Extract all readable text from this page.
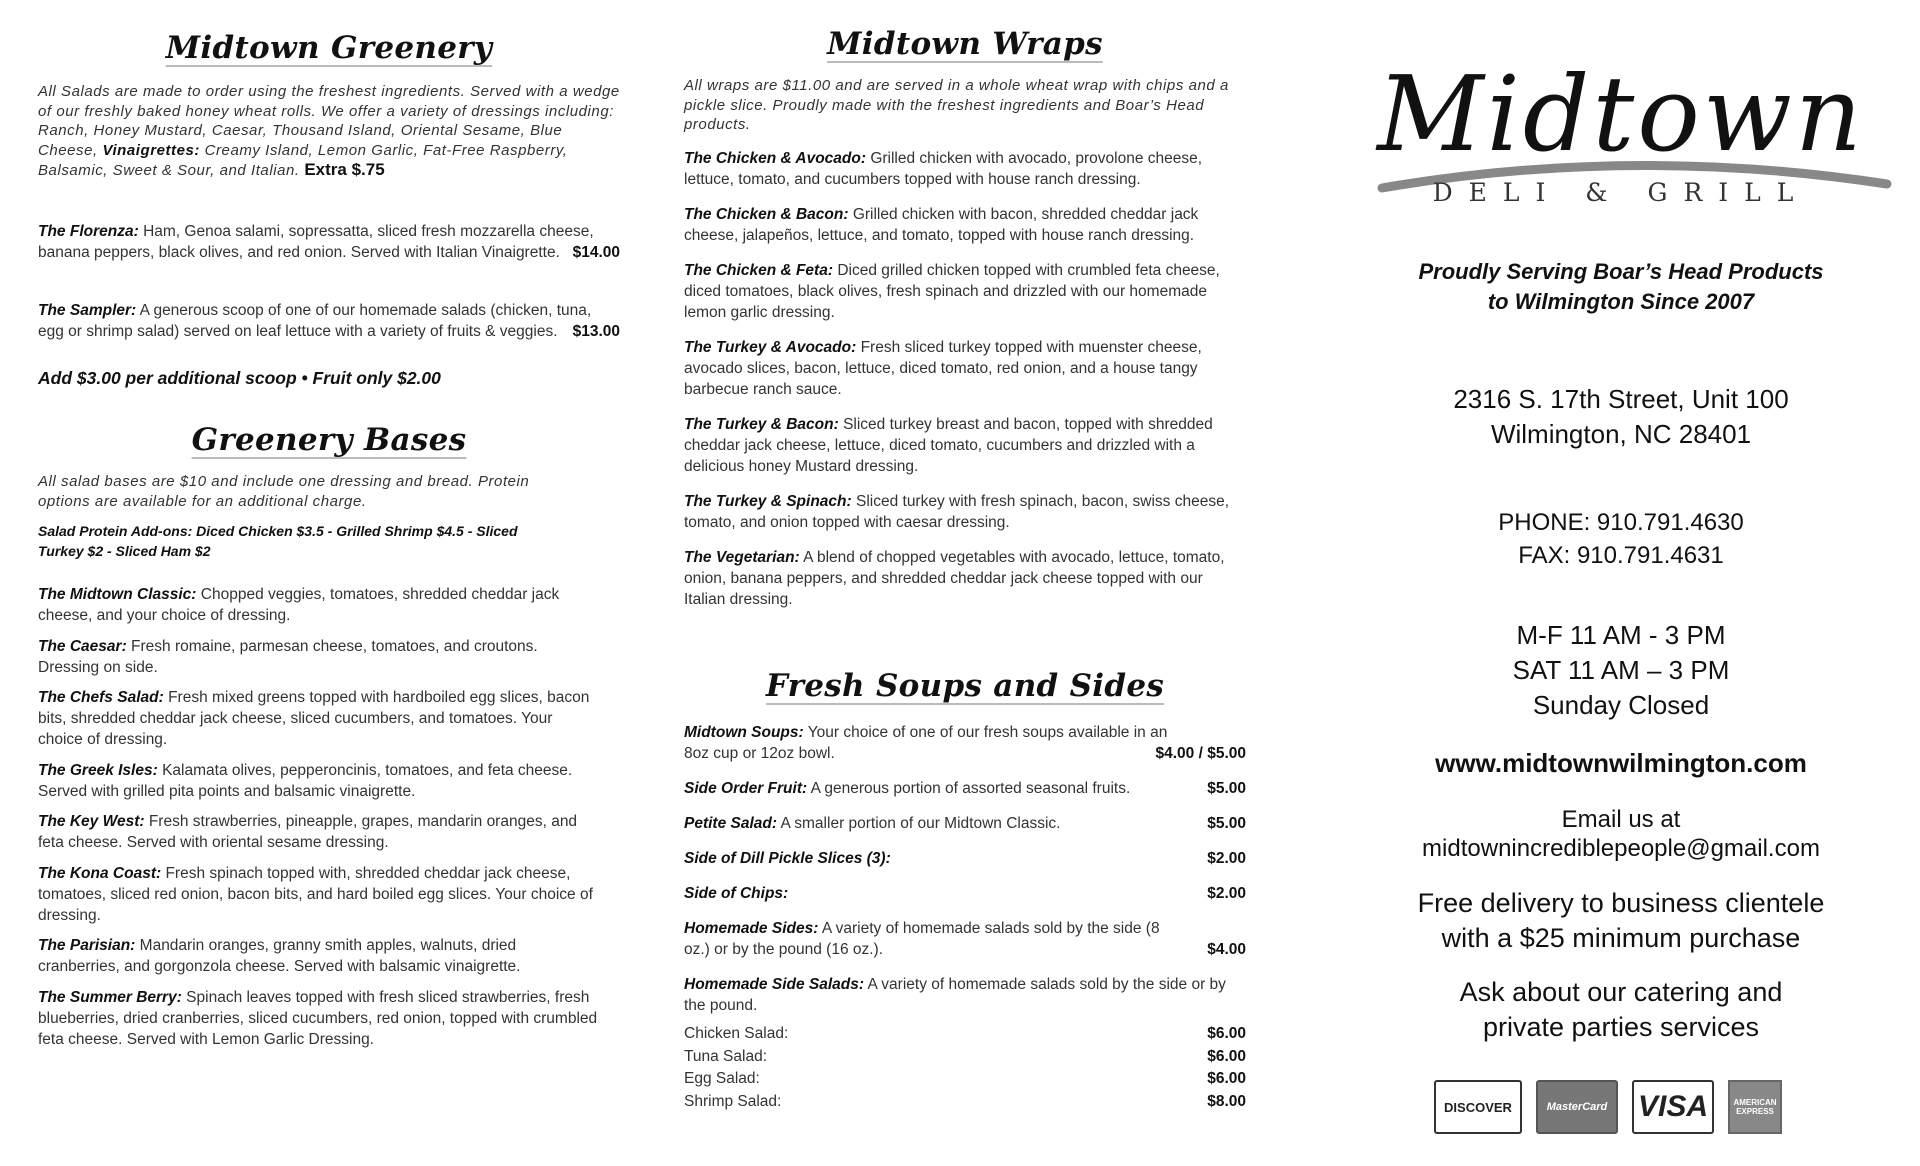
Midtown Greenery
All Salads are made to order using the freshest ingredients. Served with a wedge of our freshly baked honey wheat rolls. We offer a variety of dressings including: Ranch, Honey Mustard, Caesar, Thousand Island, Oriental Sesame, Blue Cheese, Vinaigrettes: Creamy Island, Lemon Garlic, Fat-Free Raspberry, Balsamic, Sweet & Sour, and Italian. Extra $.75
The Florenza: Ham, Genoa salami, sopressatta, sliced fresh mozzarella cheese, banana peppers, black olives, and red onion. Served with Italian Vinaigrette. $14.00
The Sampler: A generous scoop of one of our homemade salads (chicken, tuna, egg or shrimp salad) served on leaf lettuce with a variety of fruits & veggies. $13.00
Add $3.00 per additional scoop • Fruit only $2.00
Greenery Bases
All salad bases are $10 and include one dressing and bread. Protein options are available for an additional charge.
Salad Protein Add-ons: Diced Chicken $3.5 - Grilled Shrimp $4.5 - Sliced Turkey $2 - Sliced Ham $2
The Midtown Classic: Chopped veggies, tomatoes, shredded cheddar jack cheese, and your choice of dressing.
The Caesar: Fresh romaine, parmesan cheese, tomatoes, and croutons. Dressing on side.
The Chefs Salad: Fresh mixed greens topped with hardboiled egg slices, bacon bits, shredded cheddar jack cheese, sliced cucumbers, and tomatoes. Your choice of dressing.
The Greek Isles: Kalamata olives, pepperoncinis, tomatoes, and feta cheese. Served with grilled pita points and balsamic vinaigrette.
The Key West: Fresh strawberries, pineapple, grapes, mandarin oranges, and feta cheese. Served with oriental sesame dressing.
The Kona Coast: Fresh spinach topped with, shredded cheddar jack cheese, tomatoes, sliced red onion, bacon bits, and hard boiled egg slices. Your choice of dressing.
The Parisian: Mandarin oranges, granny smith apples, walnuts, dried cranberries, and gorgonzola cheese. Served with balsamic vinaigrette.
The Summer Berry: Spinach leaves topped with fresh sliced strawberries, fresh blueberries, dried cranberries, sliced cucumbers, red onion, topped with crumbled feta cheese. Served with Lemon Garlic Dressing.
Midtown Wraps
All wraps are $11.00 and are served in a whole wheat wrap with chips and a pickle slice. Proudly made with the freshest ingredients and Boar’s Head products.
The Chicken & Avocado: Grilled chicken with avocado, provolone cheese, lettuce, tomato, and cucumbers topped with house ranch dressing.
The Chicken & Bacon: Grilled chicken with bacon, shredded cheddar jack cheese, jalapeños, lettuce, and tomato, topped with house ranch dressing.
The Chicken & Feta: Diced grilled chicken topped with crumbled feta cheese, diced tomatoes, black olives, fresh spinach and drizzled with our homemade lemon garlic dressing.
The Turkey & Avocado: Fresh sliced turkey topped with muenster cheese, avocado slices, bacon, lettuce, diced tomato, red onion, and a house tangy barbecue ranch sauce.
The Turkey & Bacon: Sliced turkey breast and bacon, topped with shredded cheddar jack cheese, lettuce, diced tomato, cucumbers and drizzled with a delicious honey Mustard dressing.
The Turkey & Spinach: Sliced turkey with fresh spinach, bacon, swiss cheese, tomato, and onion topped with caesar dressing.
The Vegetarian: A blend of chopped vegetables with avocado, lettuce, tomato, onion, banana peppers, and shredded cheddar jack cheese topped with our Italian dressing.
Fresh Soups and Sides
Midtown Soups: Your choice of one of our fresh soups available in an 8oz cup or 12oz bowl.	$4.00 / $5.00
Side Order Fruit: A generous portion of assorted seasonal fruits.	$5.00
Petite Salad: A smaller portion of our Midtown Classic.	$5.00
Side of Dill Pickle Slices (3):	$2.00
Side of Chips:	$2.00
Homemade Sides: A variety of homemade salads sold by the side (8 oz.) or by the pound (16 oz.).	$4.00
Homemade Side Salads: A variety of homemade salads sold by the side or by the pound.
Chicken Salad:	$6.00
Tuna Salad:	$6.00
Egg Salad:	$6.00
Shrimp Salad:	$8.00
Midtown
DELI & GRILL
Proudly Serving Boar’s Head Products
to Wilmington Since 2007
2316 S. 17th Street, Unit 100
Wilmington, NC 28401
PHONE: 910.791.4630
FAX: 910.791.4631
M-F 11 AM - 3 PM
SAT 11 AM – 3 PM
Sunday Closed
www.midtownwilmington.com
Email us at
midtownincrediblepeople@gmail.com
Free delivery to business clientele
with a $25 minimum purchase
Ask about our catering and
private parties services
DISCOVER	MasterCard	VISA	AMERICAN EXPRESS
